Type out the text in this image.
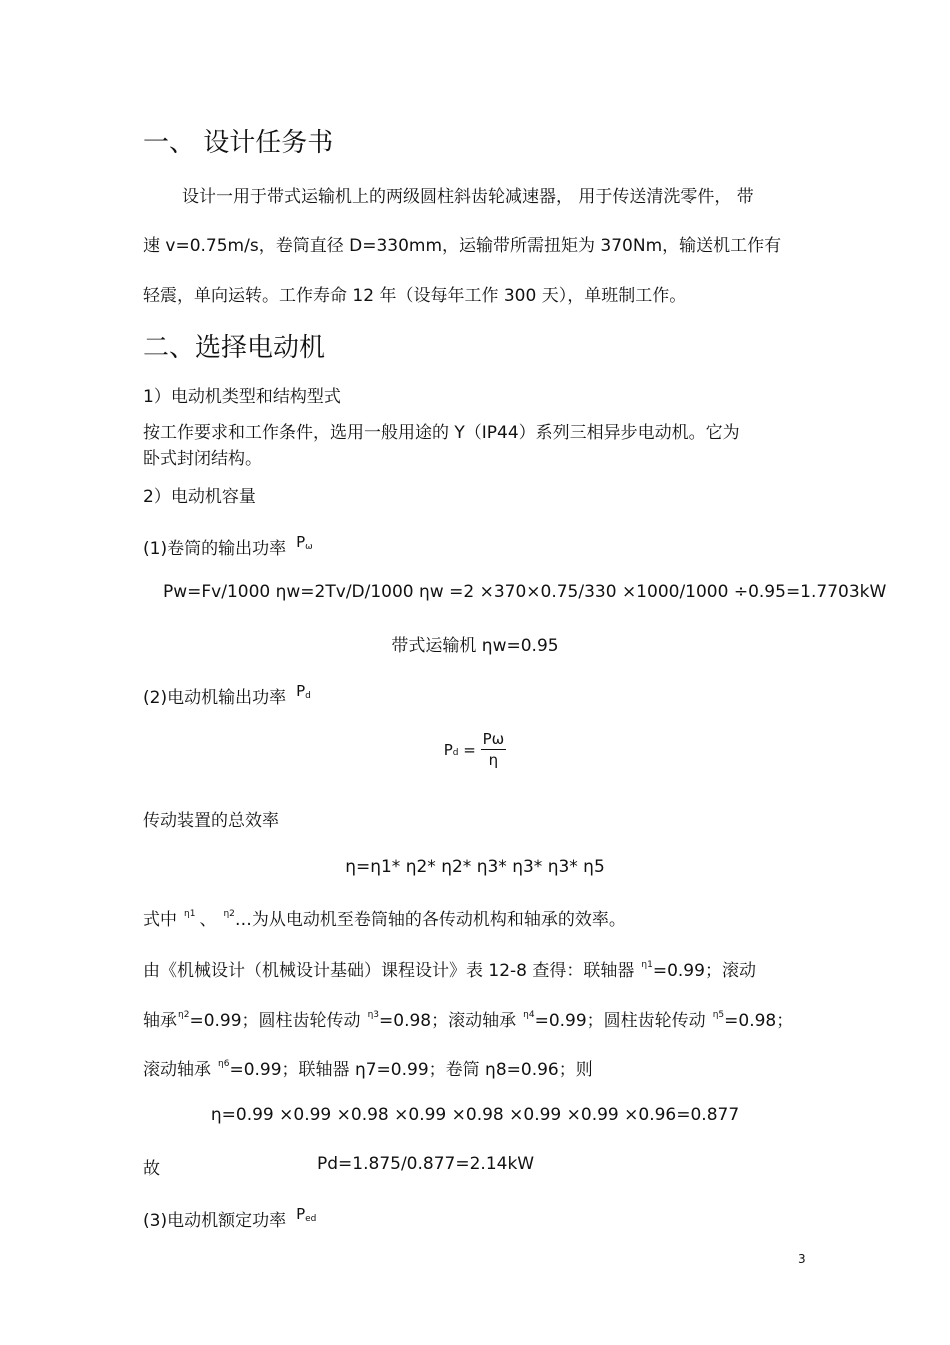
一、 设计任务书
设计一用于带式运输机上的两级圆柱斜齿轮减速器， 用于传送清洗零件， 带
速 v=0.75m/s，卷筒直径 D=330mm，运输带所需扭矩为 370Nm，输送机工作有
轻震，单向运转。工作寿命 12 年（设每年工作 300 天），单班制工作。
二、选择电动机
1）电动机类型和结构型式
按工作要求和工作条件，选用一般用途的 Y（IP44）系列三相异步电动机。它为
卧式封闭结构。
2）电动机容量
(1)卷筒的输出功率 $P_\omega$
Pw=Fv/1000 ηw=2Tv/D/1000 ηw =2 ×370×0.75/330 ×1000/1000 ÷0.95=1.7703kW
带式运输机 ηw=0.95
(2)电动机输出功率 $P_d$
$Pd = \frac{P\omega}{\eta}$
传动装置的总效率
η=η1* η2* η2* η3* η3* η3* η5
式中 $^{\eta 1}$ 、 $^{\eta 2}$…为从电动机至卷筒轴的各传动机构和轴承的效率。
由《机械设计（机械设计基础）课程设计》表 12-8 查得：联轴器 $^{\eta 1}$=0.99；滚动
轴承$^{\eta 2}$=0.99；圆柱齿轮传动 $^{\eta 3}$=0.98；滚动轴承 $^{\eta 4}$=0.99；圆柱齿轮传动 $^{\eta 5}$=0.98；
滚动轴承 $^{\eta 6}$=0.99；联轴器 η7=0.99；卷筒 η8=0.96；则
η=0.99 ×0.99 ×0.98 ×0.99 ×0.98 ×0.99 ×0.99 ×0.96=0.877
故	Pd=1.875/0.877=2.14kW
(3)电动机额定功率 $P_{ed}$
3
